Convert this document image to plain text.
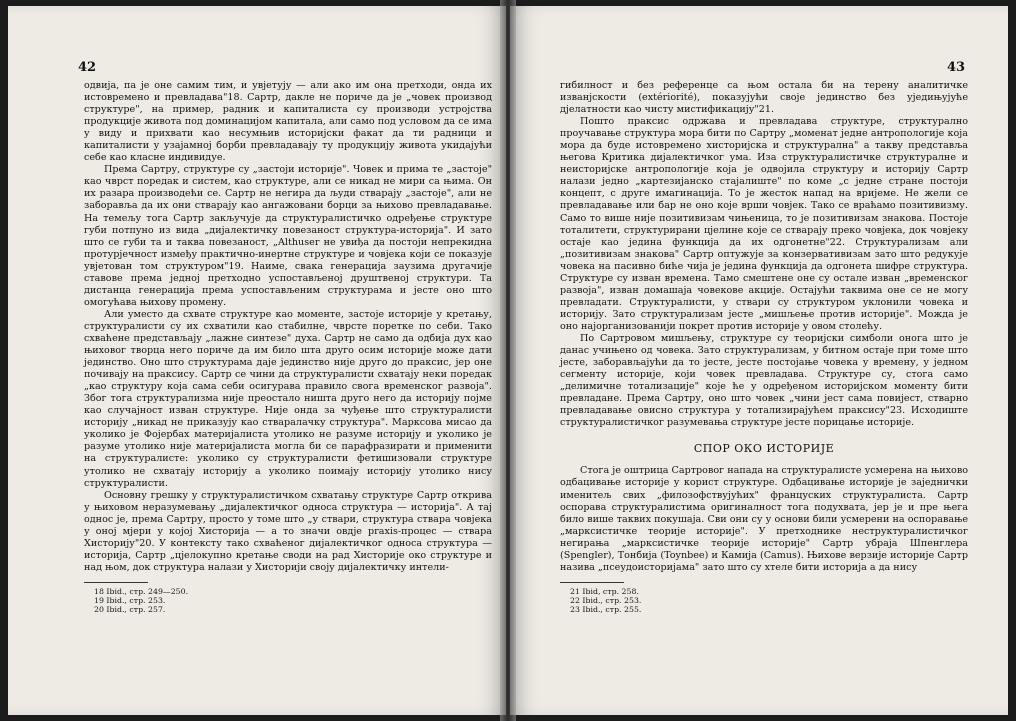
42

одвија, па је оне самим тим, и увјетују — али ако им она претходи, онда их истовремено и превладава"18. Сартр, дакле не пориче да је „човек производ структуре", на пример, радник и капиталиста су производи устројства продукције живота под доминацијом капитала, али само под условом да се има у виду и прихвати као несумњив историјски факат да ти радници и капиталисти у узајамној борби превладавају ту продукцију живота укидајући себе као класне индивидуе.

Према Сартру, структуре су „застоји историје". Човек и прима те „застоје" као чврст поредак и систем, као структуре, али се никад не мири са њима. Он их разара производећи се. Сартр не негира да људи стварају „застоје", али не заборавља да их они стварају као ангажовани борци за њихово превладавање. На темељу тога Сартр закључује да структуралистичко одређење структуре губи потпуно из вида „дијалектичку повезаност структура-историја". И зато што се губи та и таква повезаност, „Althuser не увиђа да постоји непрекидна протурјечност између практично-инертне структуре и човјека који се показује увјетован том структуром"19. Наиме, свака генерација заузима другачије ставове према једној претходно успостављеној друштвеној структури. Та дистанца генерација према успостављеним структурама и јесте оно што омогућава њихову промену.

Али уместо да схвате структуре као моменте, застоје историје у кретању, структуралисти су их схватили као стабилне, чврсте поретке по себи. Тако схваћене представљају „лажне синтезе" духа. Сартр не само да одбија дух као њиховог творца него пориче да им било шта друго осим историје може дати јединство. Оно што структурама даје јединство није друго до праксис, јер оне почивају на праксису. Сартр се чини да структуралисти схватају неки поредак „као структуру која сама себи осигурава правило свога временског развоја". Због тога структурализма није преостало ништа друго него да историју појме као случајност изван структуре. Није онда за чуђење што структуралисти историју „никад не приказују као стваралачку структура". Марксова мисао да уколико је Фојербах материјалиста утолико не разуме историју и уколико је разуме утолико није материјалиста могла би се парафразирати и применити на структуралисте: уколико су структуралисти фетишизовали структуре утолико не схватају историју а уколико поимају историју утолико нису структуралисти.

Основну грешку у структуралистичком схватању структуре Сартр открива у њиховом неразумевању „дијалектичког односа структура — историја". А тај однос је, према Сартру, просто у томе што „у ствари, структура ствара човјека у оној мјери у којој Хисторија — а то значи овдје praxis-процес — ствара Хисторију"20. У контексту тако схваћеног дијалектичког односа структура — историја, Сартр „цјелокупно кретање своди на рад Хисторије око структуре и над њом, док структура налази у Хисторији своју дијалектичку интели-

18 Ibid., стр. 249—250.

19 Ibid., стр. 253.

20 Ibid., стр. 257.

43

гибилност и без референце са њом остала би на терену аналитичке изванјскости (extériorité), показујући своје јединство без уједињујуће дјелатности као чисту мистификацију"21.

Пошто праксис одржава и превладава структуре, структурално проучавање структура мора бити по Сартру „моменат једне антропологије која мора да буде истовремено хисторијска и структурална" а такву представља његова Критика дијалектичког ума. Иза структуралистичке структуралне и неисторијске антропологије која је одвојила структуру и историју Сартр налази једно „картезијанско стајалиште" по коме „с једне стране постоји концепт, с друге имагинација. То је жесток напад на вријеме. Не жели се превладавање или бар не оно које врши човјек. Тако се враћамо позитивизму. Само то више није позитивизам чињеница, то је позитивизам знакова. Постоје тоталитети, структурирани цјелине које се стварају преко човјека, док човјеку остаје као једина функција да их одгонетне"22. Структурализам али „позитивизам знакова" Сартр оптужује за конзервативизам зато што редукује човека на пасивно биће чија је једина функција да одгонета шифре структура. Структуре су изван времена. Тамо смештене оне су остале изван „временског развоја", изван домашаја човекове акције. Остајући таквима оне се не могу превладати. Структуралисти, у ствари су структуром уклонили човека и историју. Зато структурализам јесте „мишљење против историје". Можда је оно најорганизованији покрет против историје у овом столећу.

По Сартровом мишљењу, структуре су теоријски симболи онога што је данас учињено од човека. Зато структурализам, у битном остаје при томе што јесте, заборављајући да то јесте, јесте постојање човека у времену, у једном сегменту историје, који човек превладава. Структуре су, стога само „делимичне тотализације" које ће у одређеном историјском моменту бити превладане. Према Сартру, оно што човек „чини јест сама повијест, стварно превладавање овисно структура у тотализирајућем праксису"23. Исходиште структуралистичког разумевања структуре јесте порицање историје.

СПОР ОКО ИСТОРИЈЕ

Стога је оштрица Сартровог напада на структуралисте усмерена на њихово одбацивање историје у корист структуре. Одбацивање историје је заједнички именитељ свих „филозофствујућих" француских структуралиста. Сартр оспорава структуралистима оригиналност тога подухвата, јер је и пре њега било више таквих покушаја. Сви они су у основи били усмерени на оспоравање „марксистичке теорије историје". У претходнике неструктуралистичког негирања „марксистичке теорије историје" Сартр убраја Шпенглера (Spengler), Тонбија (Toynbee) и Камија (Camus). Њихове верзије историје Сартр назива „псеудоисторијама" зато што су хтеле бити историја а да нису

21 Ibid, стр. 258.

22 Ibid., стр. 253.

23 Ibid., стр. 255.
